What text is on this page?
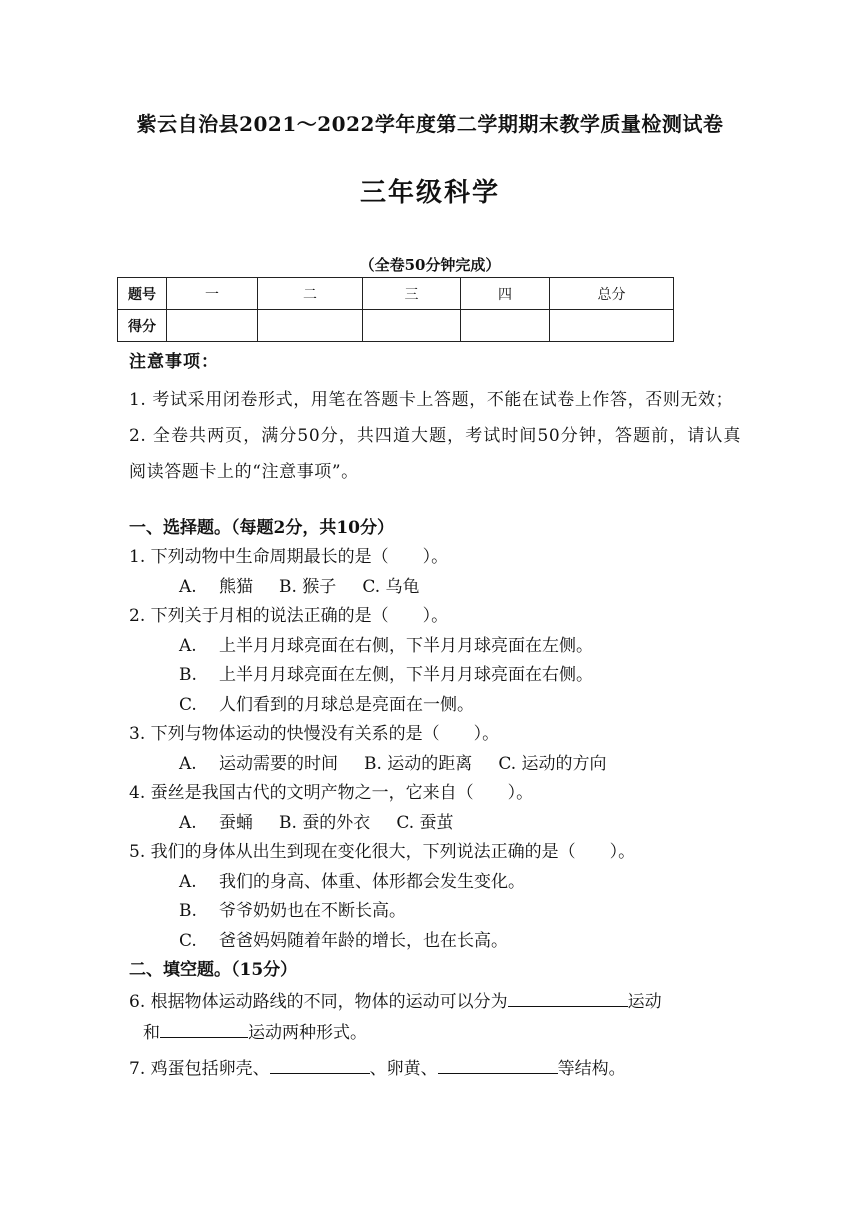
紫云自治县2021～2022学年度第二学期期末教学质量检测试卷
三年级科学
（全卷50分钟完成）
题号	一	二	三	四	总分
得分					
注意事项：
1. 考试采用闭卷形式，用笔在答题卡上答题，不能在试卷上作答，否则无效；
2. 全卷共两页，满分50分，共四道大题，考试时间50分钟，答题前，请认真阅读答题卡上的“注意事项”。
一、选择题。（每题2分，共10分）
1. 下列动物中生命周期最长的是（　　）。
A. 熊猫 B. 猴子 C. 乌龟
2. 下列关于月相的说法正确的是（　　）。
A. 上半月月球亮面在右侧，下半月月球亮面在左侧。
B. 上半月月球亮面在左侧，下半月月球亮面在右侧。
C. 人们看到的月球总是亮面在一侧。
3. 下列与物体运动的快慢没有关系的是（　　）。
A. 运动需要的时间 B. 运动的距离 C. 运动的方向
4. 蚕丝是我国古代的文明产物之一，它来自（　　）。
A. 蚕蛹 B. 蚕的外衣 C. 蚕茧
5. 我们的身体从出生到现在变化很大，下列说法正确的是（　　）。
A. 我们的身高、体重、体形都会发生变化。
B. 爷爷奶奶也在不断长高。
C. 爸爸妈妈随着年龄的增长，也在长高。
二、填空题。（15分）
6. 根据物体运动路线的不同，物体的运动可以分为	运动
和	运动两种形式。
7. 鸡蛋包括卵壳、	、卵黄、	等结构。
